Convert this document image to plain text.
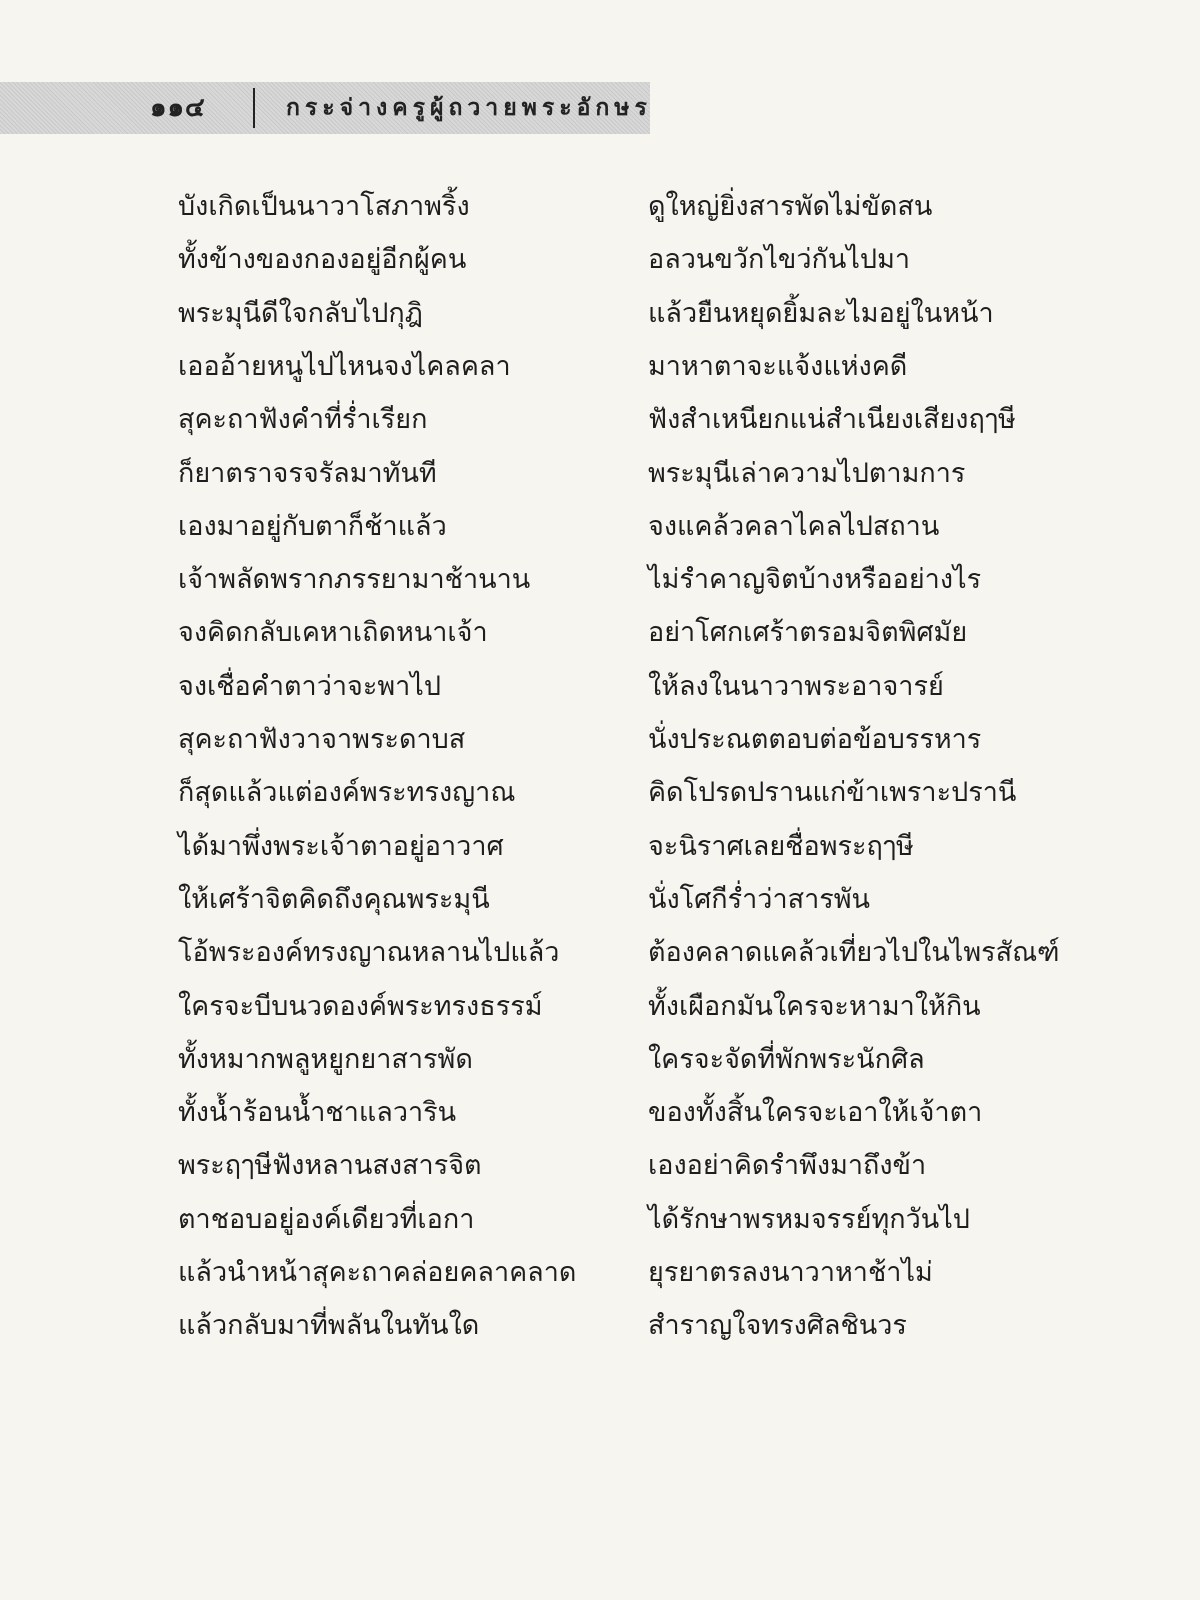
๑๑๔	กระจ่างครูผู้ถวายพระอักษร
บังเกิดเป็นนาวาโสภาพริ้ง	ดูใหญ่ยิ่งสารพัดไม่ขัดสน
ทั้งข้างของกองอยู่อีกผู้คน	อลวนขวักไขว่กันไปมา
พระมุนีดีใจกลับไปกุฎิ	แล้วยืนหยุดยิ้มละไมอยู่ในหน้า
เอออ้ายหนูไปไหนจงไคลคลา	มาหาตาจะแจ้งแห่งคดี
สุคะถาฟังคำที่ร่ำเรียก	ฟังสำเหนียกแน่สำเนียงเสียงฤๅษี
ก็ยาตราจรจรัลมาทันที	พระมุนีเล่าความไปตามการ
เองมาอยู่กับตาก็ช้าแล้ว	จงแคล้วคลาไคลไปสถาน
เจ้าพลัดพรากภรรยามาช้านาน	ไม่รำคาญจิตบ้างหรืออย่างไร
จงคิดกลับเคหาเถิดหนาเจ้า	อย่าโศกเศร้าตรอมจิตพิศมัย
จงเชื่อคำตาว่าจะพาไป	ให้ลงในนาวาพระอาจารย์
สุคะถาฟังวาจาพระดาบส	นั่งประณตตอบต่อข้อบรรหาร
ก็สุดแล้วแต่องค์พระทรงญาณ	คิดโปรดปรานแก่ข้าเพราะปรานี
ได้มาพึ่งพระเจ้าตาอยู่อาวาศ	จะนิราศเลยชื่อพระฤๅษี
ให้เศร้าจิตคิดถึงคุณพระมุนี	นั่งโศกีร่ำว่าสารพัน
โอ้พระองค์ทรงญาณหลานไปแล้ว	ต้องคลาดแคล้วเที่ยวไปในไพรสัณฑ์
ใครจะบีบนวดองค์พระทรงธรรม์	ทั้งเผือกมันใครจะหามาให้กิน
ทั้งหมากพลูหยูกยาสารพัด	ใครจะจัดที่พักพระนักศิล
ทั้งน้ำร้อนน้ำชาแลวาริน	ของทั้งสิ้นใครจะเอาให้เจ้าตา
พระฤๅษีฟังหลานสงสารจิต	เองอย่าคิดรำพึงมาถึงข้า
ตาชอบอยู่องค์เดียวที่เอกา	ได้รักษาพรหมจรรย์ทุกวันไป
แล้วนำหน้าสุคะถาคล่อยคลาคลาด	ยุรยาตรลงนาวาหาช้าไม่
แล้วกลับมาที่พลันในทันใด	สำราญใจทรงศิลชินวร
